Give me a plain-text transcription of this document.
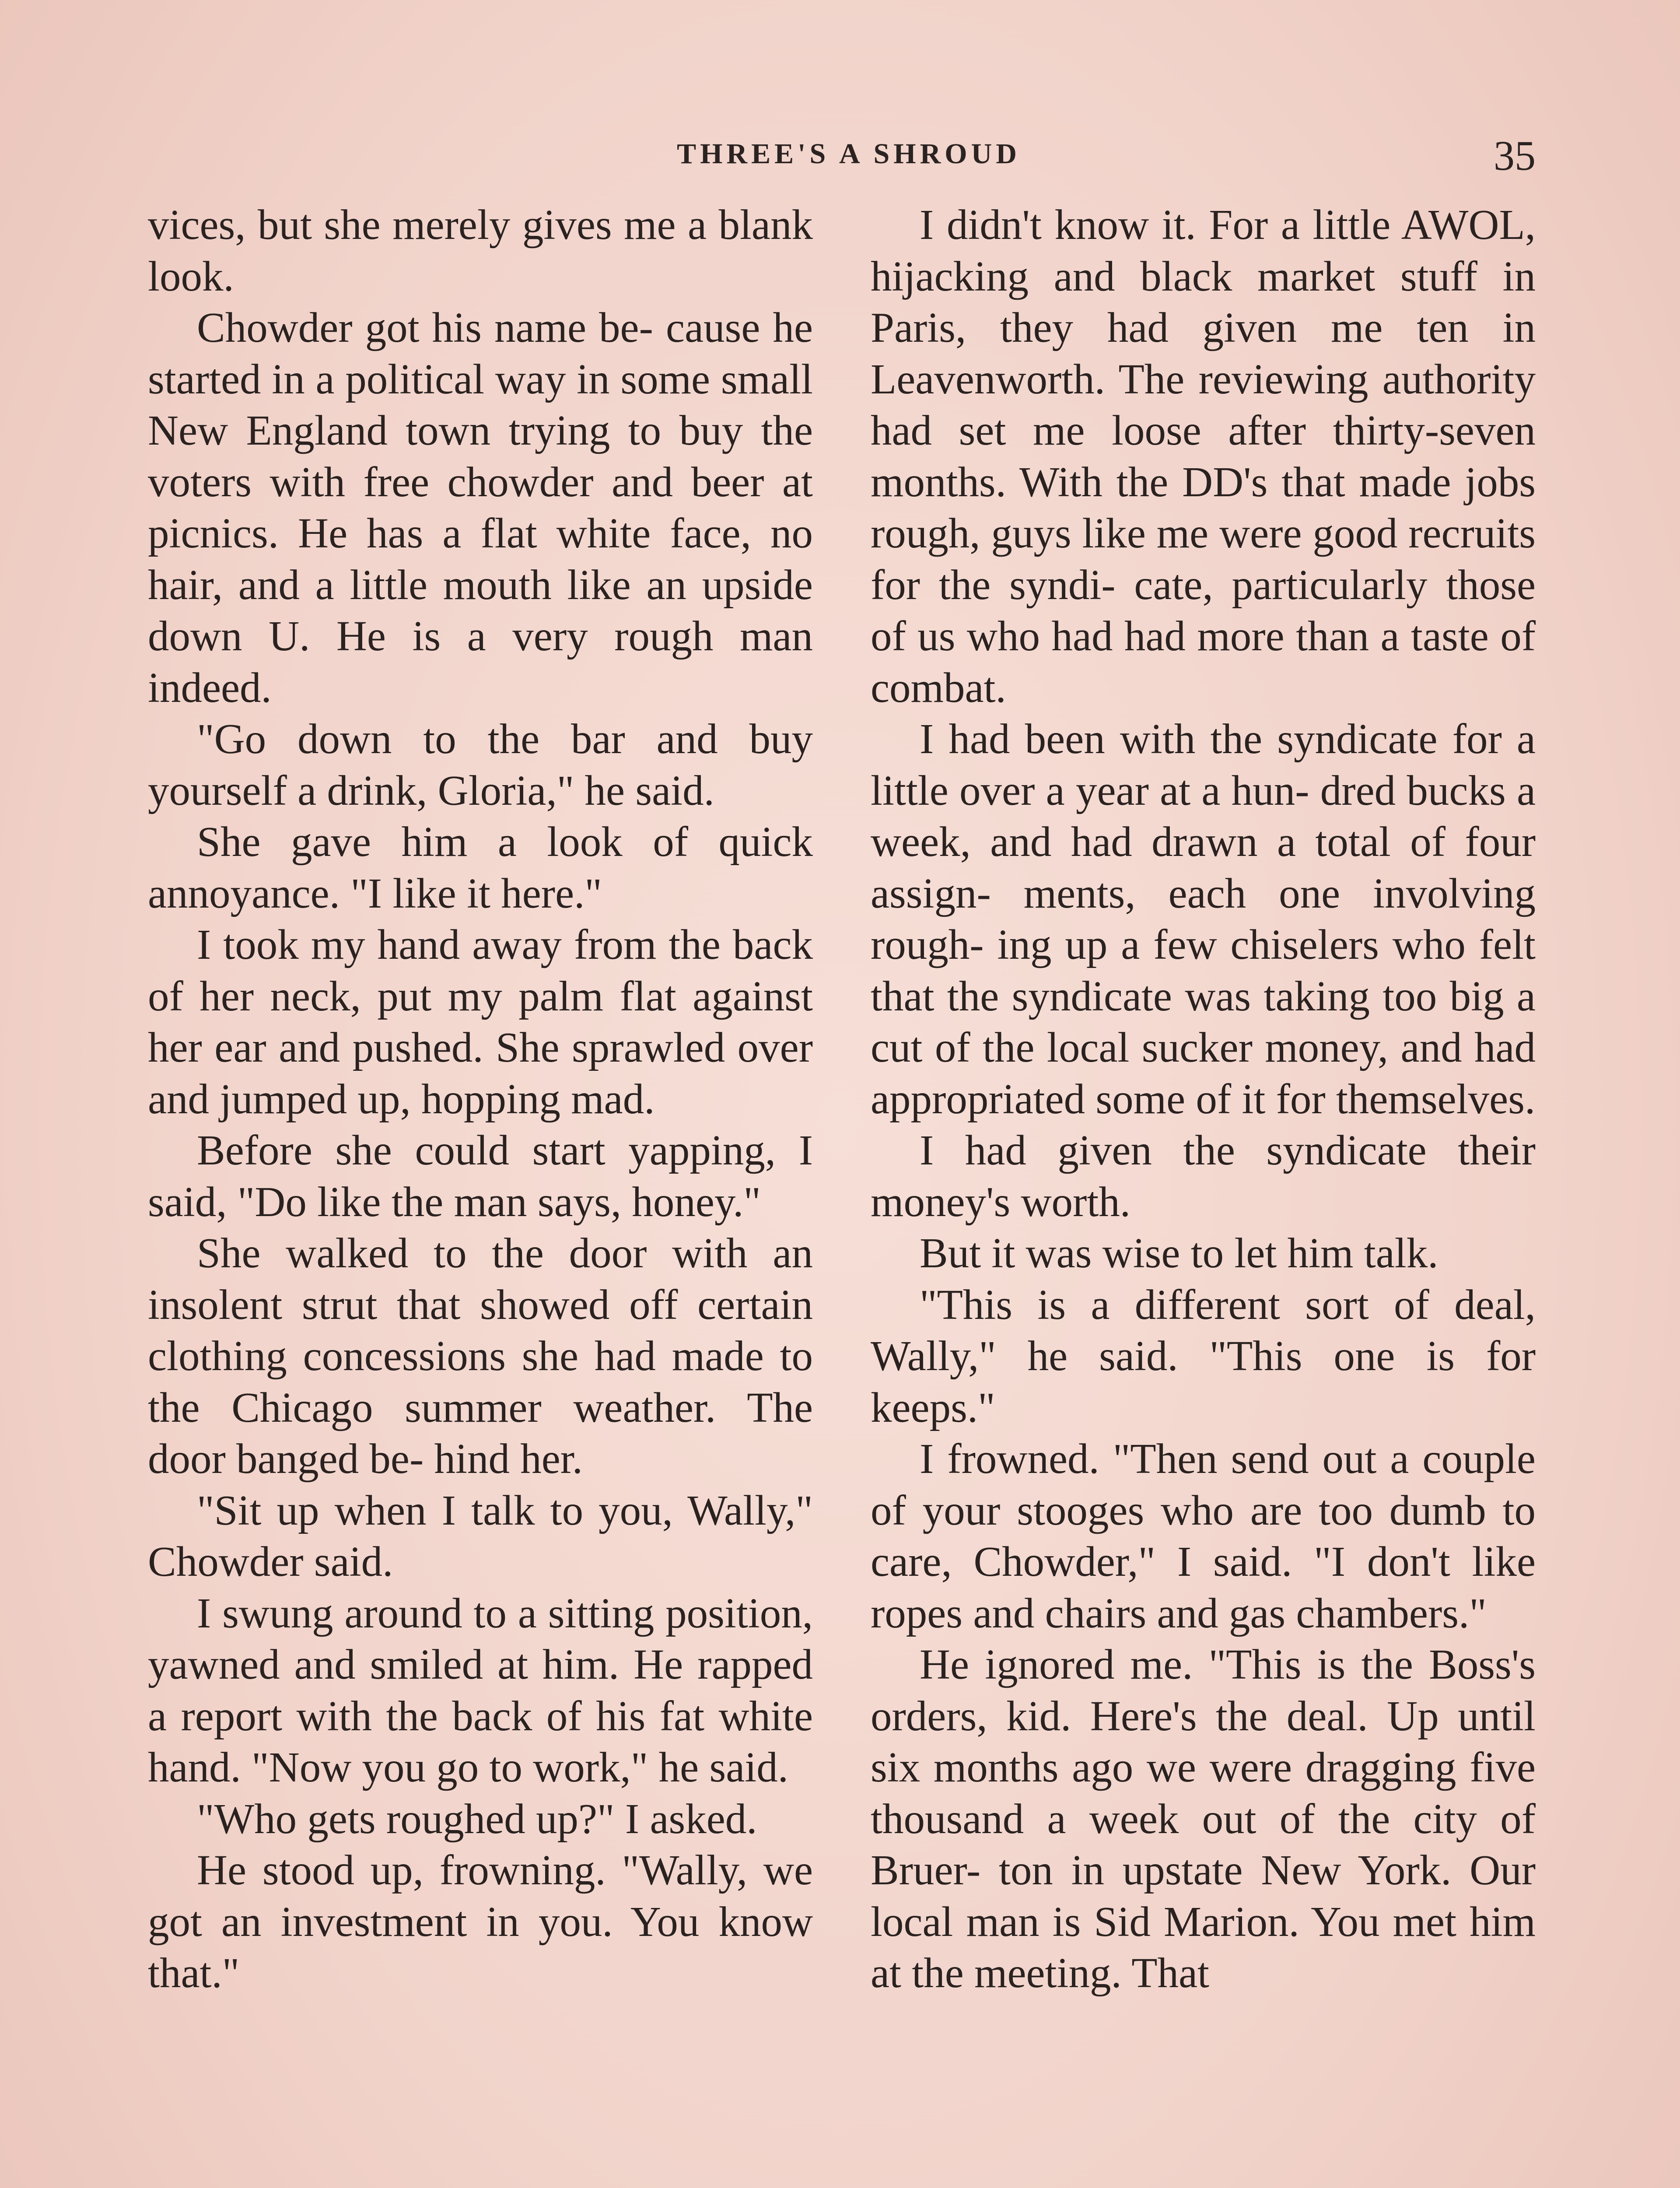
THREE'S A SHROUD	35

vices, but she merely gives me a blank look.

Chowder got his name be- cause he started in a political way in some small New England town trying to buy the voters with free chowder and beer at picnics. He has a flat white face, no hair, and a little mouth like an upside down U. He is a very rough man indeed.

"Go down to the bar and buy yourself a drink, Gloria," he said.

She gave him a look of quick annoyance. "I like it here."

I took my hand away from the back of her neck, put my palm flat against her ear and pushed. She sprawled over and jumped up, hopping mad.

Before she could start yapping, I said, "Do like the man says, honey."

She walked to the door with an insolent strut that showed off certain clothing concessions she had made to the Chicago summer weather. The door banged be- hind her.

"Sit up when I talk to you, Wally," Chowder said.

I swung around to a sitting position, yawned and smiled at him. He rapped a report with the back of his fat white hand. "Now you go to work," he said.

"Who gets roughed up?" I asked.

He stood up, frowning. "Wally, we got an investment in you. You know that."

I didn't know it. For a little AWOL, hijacking and black market stuff in Paris, they had given me ten in Leavenworth. The reviewing authority had set me loose after thirty-seven months. With the DD's that made jobs rough, guys like me were good recruits for the syndi- cate, particularly those of us who had had more than a taste of combat.

I had been with the syndicate for a little over a year at a hun- dred bucks a week, and had drawn a total of four assign- ments, each one involving rough- ing up a few chiselers who felt that the syndicate was taking too big a cut of the local sucker money, and had appropriated some of it for themselves.

I had given the syndicate their money's worth.

But it was wise to let him talk.

"This is a different sort of deal, Wally," he said. "This one is for keeps."

I frowned. "Then send out a couple of your stooges who are too dumb to care, Chowder," I said. "I don't like ropes and chairs and gas chambers."

He ignored me. "This is the Boss's orders, kid. Here's the deal. Up until six months ago we were dragging five thousand a week out of the city of Bruer- ton in upstate New York. Our local man is Sid Marion. You met him at the meeting. That
